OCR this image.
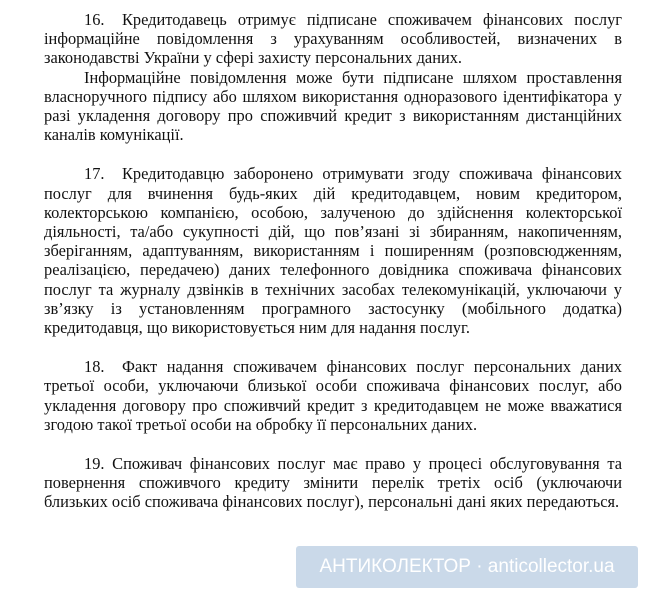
16. Кредитодавець отримує підписане споживачем фінансових послуг інформаційне повідомлення з урахуванням особливостей, визначених в законодавстві України у сфері захисту персональних даних.

Інформаційне повідомлення може бути підписане шляхом проставлення власноручного підпису або шляхом використання одноразового ідентифікатора у разі укладення договору про споживчий кредит з використанням дистанційних каналів комунікації.

17. Кредитодавцю заборонено отримувати згоду споживача фінансових послуг для вчинення будь-яких дій кредитодавцем, новим кредитором, колекторською компанією, особою, залученою до здійснення колекторської діяльності, та/або сукупності дій, що пов’язані зі збиранням, накопиченням, зберіганням, адаптуванням, використанням і поширенням (розповсюдженням, реалізацією, передачею) даних телефонного довідника споживача фінансових послуг та журналу дзвінків в технічних засобах телекомунікацій, уключаючи у зв’язку із установленням програмного застосунку (мобільного додатка) кредитодавця, що використовується ним для надання послуг.

18. Факт надання споживачем фінансових послуг персональних даних третьої особи, уключаючи близької особи споживача фінансових послуг, або укладення договору про споживчий кредит з кредитодавцем не може вважатися згодою такої третьої особи на обробку її персональних даних.

19. Споживач фінансових послуг має право у процесі обслуговування та повернення споживчого кредиту змінити перелік третіх осіб (уключаючи близьких осіб споживача фінансових послуг), персональні дані яких передаються.

АНТИКОЛЕКТОР · anticollector.ua
